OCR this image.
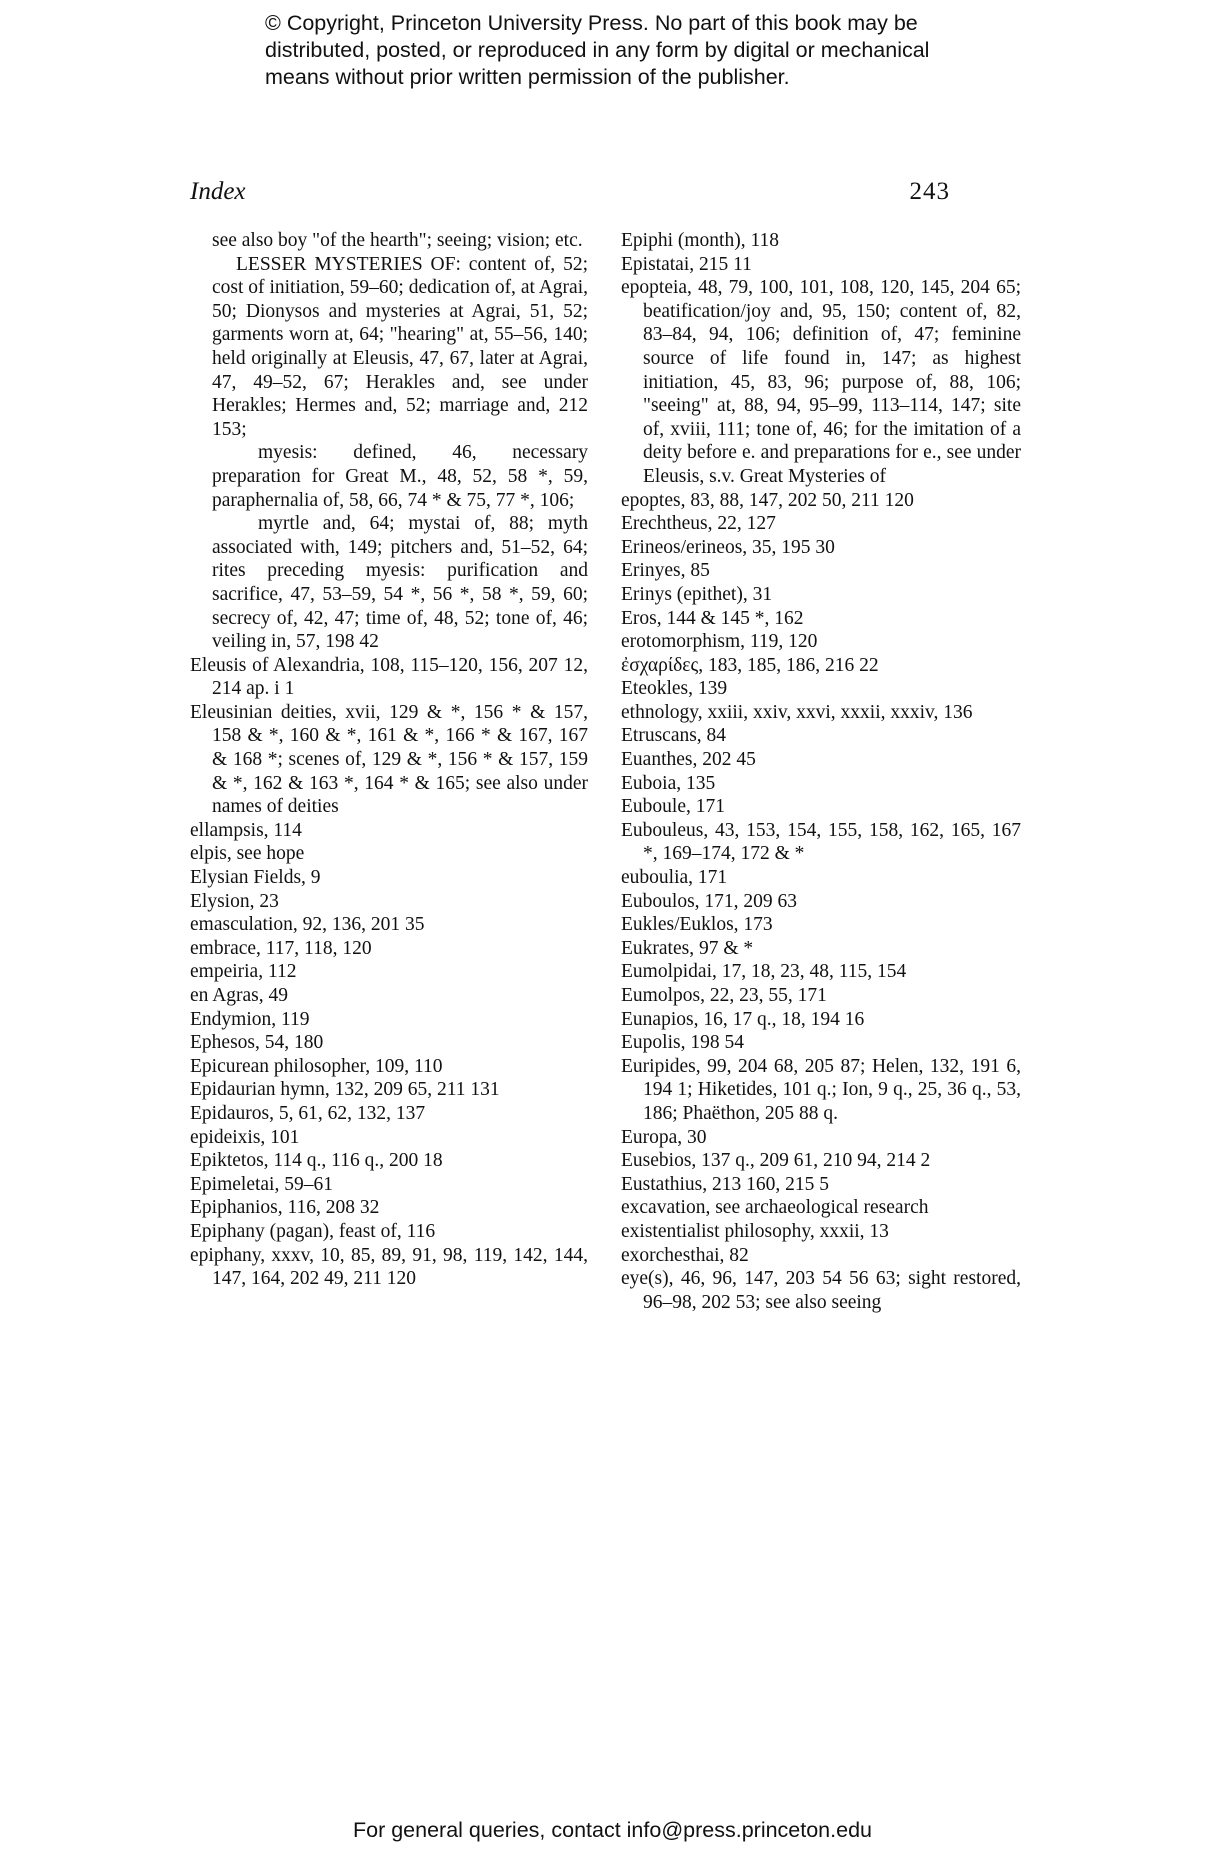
© Copyright, Princeton University Press. No part of this book may be distributed, posted, or reproduced in any form by digital or mechanical means without prior written permission of the publisher.
Index	243

see also boy "of the hearth"; seeing; vision; etc.

LESSER MYSTERIES OF: content of, 52; cost of initiation, 59–60; dedication of, at Agrai, 50; Dionysos and mysteries at Agrai, 51, 52; garments worn at, 64; "hearing" at, 55–56, 140; held originally at Eleusis, 47, 67, later at Agrai, 47, 49–52, 67; Herakles and, see under Herakles; Hermes and, 52; marriage and, 212 153;

myesis: defined, 46, necessary preparation for Great M., 48, 52, 58 *, 59, paraphernalia of, 58, 66, 74 * & 75, 77 *, 106;

myrtle and, 64; mystai of, 88; myth associated with, 149; pitchers and, 51–52, 64; rites preceding myesis: purification and sacrifice, 47, 53–59, 54 *, 56 *, 58 *, 59, 60; secrecy of, 42, 47; time of, 48, 52; tone of, 46; veiling in, 57, 198 42

Eleusis of Alexandria, 108, 115–120, 156, 207 12, 214 ap. i 1

Eleusinian deities, xvii, 129 & *, 156 * & 157, 158 & *, 160 & *, 161 & *, 166 * & 167, 167 & 168 *; scenes of, 129 & *, 156 * & 157, 159 & *, 162 & 163 *, 164 * & 165; see also under names of deities

ellampsis, 114

elpis, see hope

Elysian Fields, 9

Elysion, 23

emasculation, 92, 136, 201 35

embrace, 117, 118, 120

empeiria, 112

en Agras, 49

Endymion, 119

Ephesos, 54, 180

Epicurean philosopher, 109, 110

Epidaurian hymn, 132, 209 65, 211 131

Epidauros, 5, 61, 62, 132, 137

epideixis, 101

Epiktetos, 114 q., 116 q., 200 18

Epimeletai, 59–61

Epiphanios, 116, 208 32

Epiphany (pagan), feast of, 116

epiphany, xxxv, 10, 85, 89, 91, 98, 119, 142, 144, 147, 164, 202 49, 211 120

Epiphi (month), 118

Epistatai, 215 11

epopteia, 48, 79, 100, 101, 108, 120, 145, 204 65; beatification/joy and, 95, 150; content of, 82, 83–84, 94, 106; definition of, 47; feminine source of life found in, 147; as highest initiation, 45, 83, 96; purpose of, 88, 106; "seeing" at, 88, 94, 95–99, 113–114, 147; site of, xviii, 111; tone of, 46; for the imitation of a deity before e. and preparations for e., see under Eleusis, s.v. Great Mysteries of

epoptes, 83, 88, 147, 202 50, 211 120

Erechtheus, 22, 127

Erineos/erineos, 35, 195 30

Erinyes, 85

Erinys (epithet), 31

Eros, 144 & 145 *, 162

erotomorphism, 119, 120

ἐσχαρίδες, 183, 185, 186, 216 22

Eteokles, 139

ethnology, xxiii, xxiv, xxvi, xxxii, xxxiv, 136

Etruscans, 84

Euanthes, 202 45

Euboia, 135

Euboule, 171

Eubouleus, 43, 153, 154, 155, 158, 162, 165, 167 *, 169–174, 172 & *

euboulia, 171

Euboulos, 171, 209 63

Eukles/Euklos, 173

Eukrates, 97 & *

Eumolpidai, 17, 18, 23, 48, 115, 154

Eumolpos, 22, 23, 55, 171

Eunapios, 16, 17 q., 18, 194 16

Eupolis, 198 54

Euripides, 99, 204 68, 205 87; Helen, 132, 191 6, 194 1; Hiketides, 101 q.; Ion, 9 q., 25, 36 q., 53, 186; Phaëthon, 205 88 q.

Europa, 30

Eusebios, 137 q., 209 61, 210 94, 214 2

Eustathius, 213 160, 215 5

excavation, see archaeological research

existentialist philosophy, xxxii, 13

exorchesthai, 82

eye(s), 46, 96, 147, 203 54 56 63; sight restored, 96–98, 202 53; see also seeing

For general queries, contact info@press.princeton.edu
